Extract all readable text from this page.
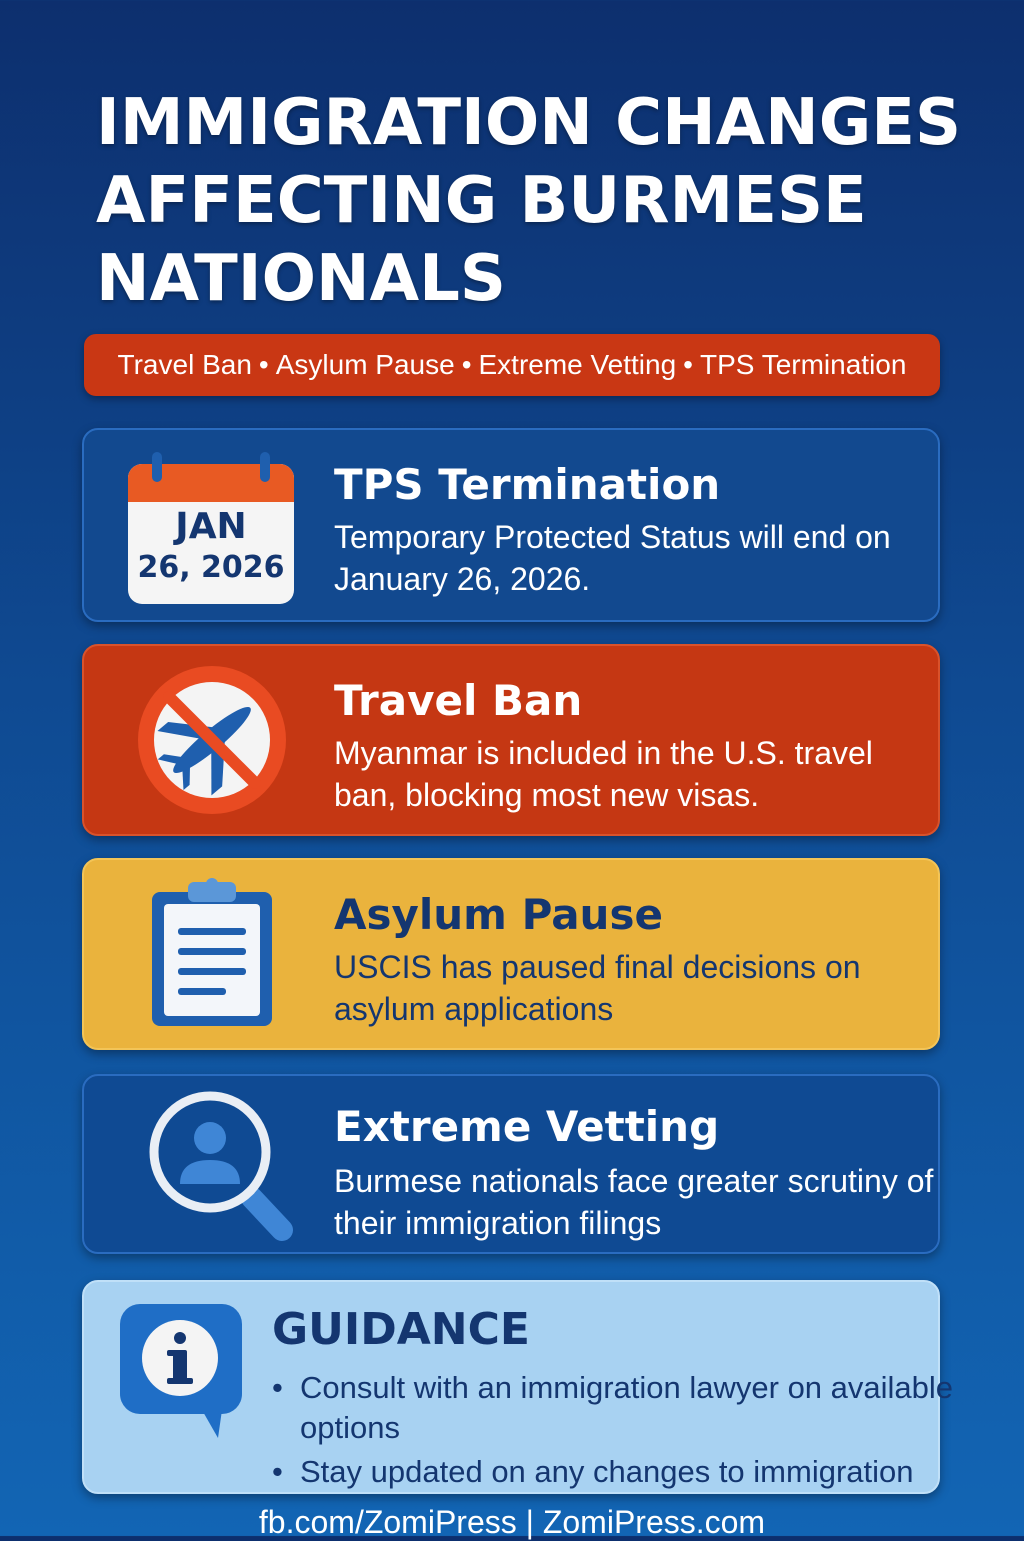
IMMIGRATION CHANGES
AFFECTING BURMESE
NATIONALS
Travel Ban • Asylum Pause • Extreme Vetting • TPS Termination
JAN
26, 2026
TPS Termination
Temporary Protected Status will end on January 26, 2026.
Travel Ban
Myanmar is included in the U.S. travel ban, blocking most new visas.
Asylum Pause
USCIS has paused final decisions on asylum applications
Extreme Vetting
Burmese nationals face greater scrutiny of their immigration filings
GUIDANCE
• Consult with an immigration lawyer on available options
• Stay updated on any changes to immigration
fb.com/ZomiPress | ZomiPress.com
